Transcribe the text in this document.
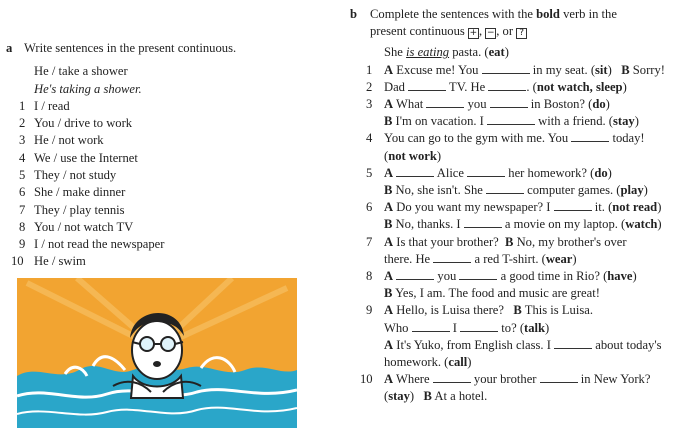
a Write sentences in the present continuous.
He / take a shower
He's taking a shower.
1 I / read
2 You / drive to work
3 He / not work
4 We / use the Internet
5 They / not study
6 She / make dinner
7 They / play tennis
8 You / not watch TV
9 I / not read the newspaper
10 He / swim
b Complete the sentences with the bold verb in the
present continuous + , − , or ?
She is eating pasta. (eat)
1 A Excuse me! You	in my seat. (sit)   B Sorry!
2 Dad	TV. He	. (not watch, sleep)
3 A What	you	in Boston? (do)
B I'm on vacation. I	with a friend. (stay)
4 You can go to the gym with me. You	today!
(not work)
5 A	Alice	her homework? (do)
B No, she isn't. She	computer games. (play)
6 A Do you want my newspaper? I	it. (not read)
B No, thanks. I	a movie on my laptop. (watch)
7 A Is that your brother?  B No, my brother's over
there. He	a red T-shirt. (wear)
8 A	you	a good time in Rio? (have)
B Yes, I am. The food and music are great!
9 A Hello, is Luisa there?   B This is Luisa.
Who	I	to? (talk)
A It's Yuko, from English class. I	about today's
homework. (call)
10 A Where	your brother	in New York?
(stay)   B At a hotel.
